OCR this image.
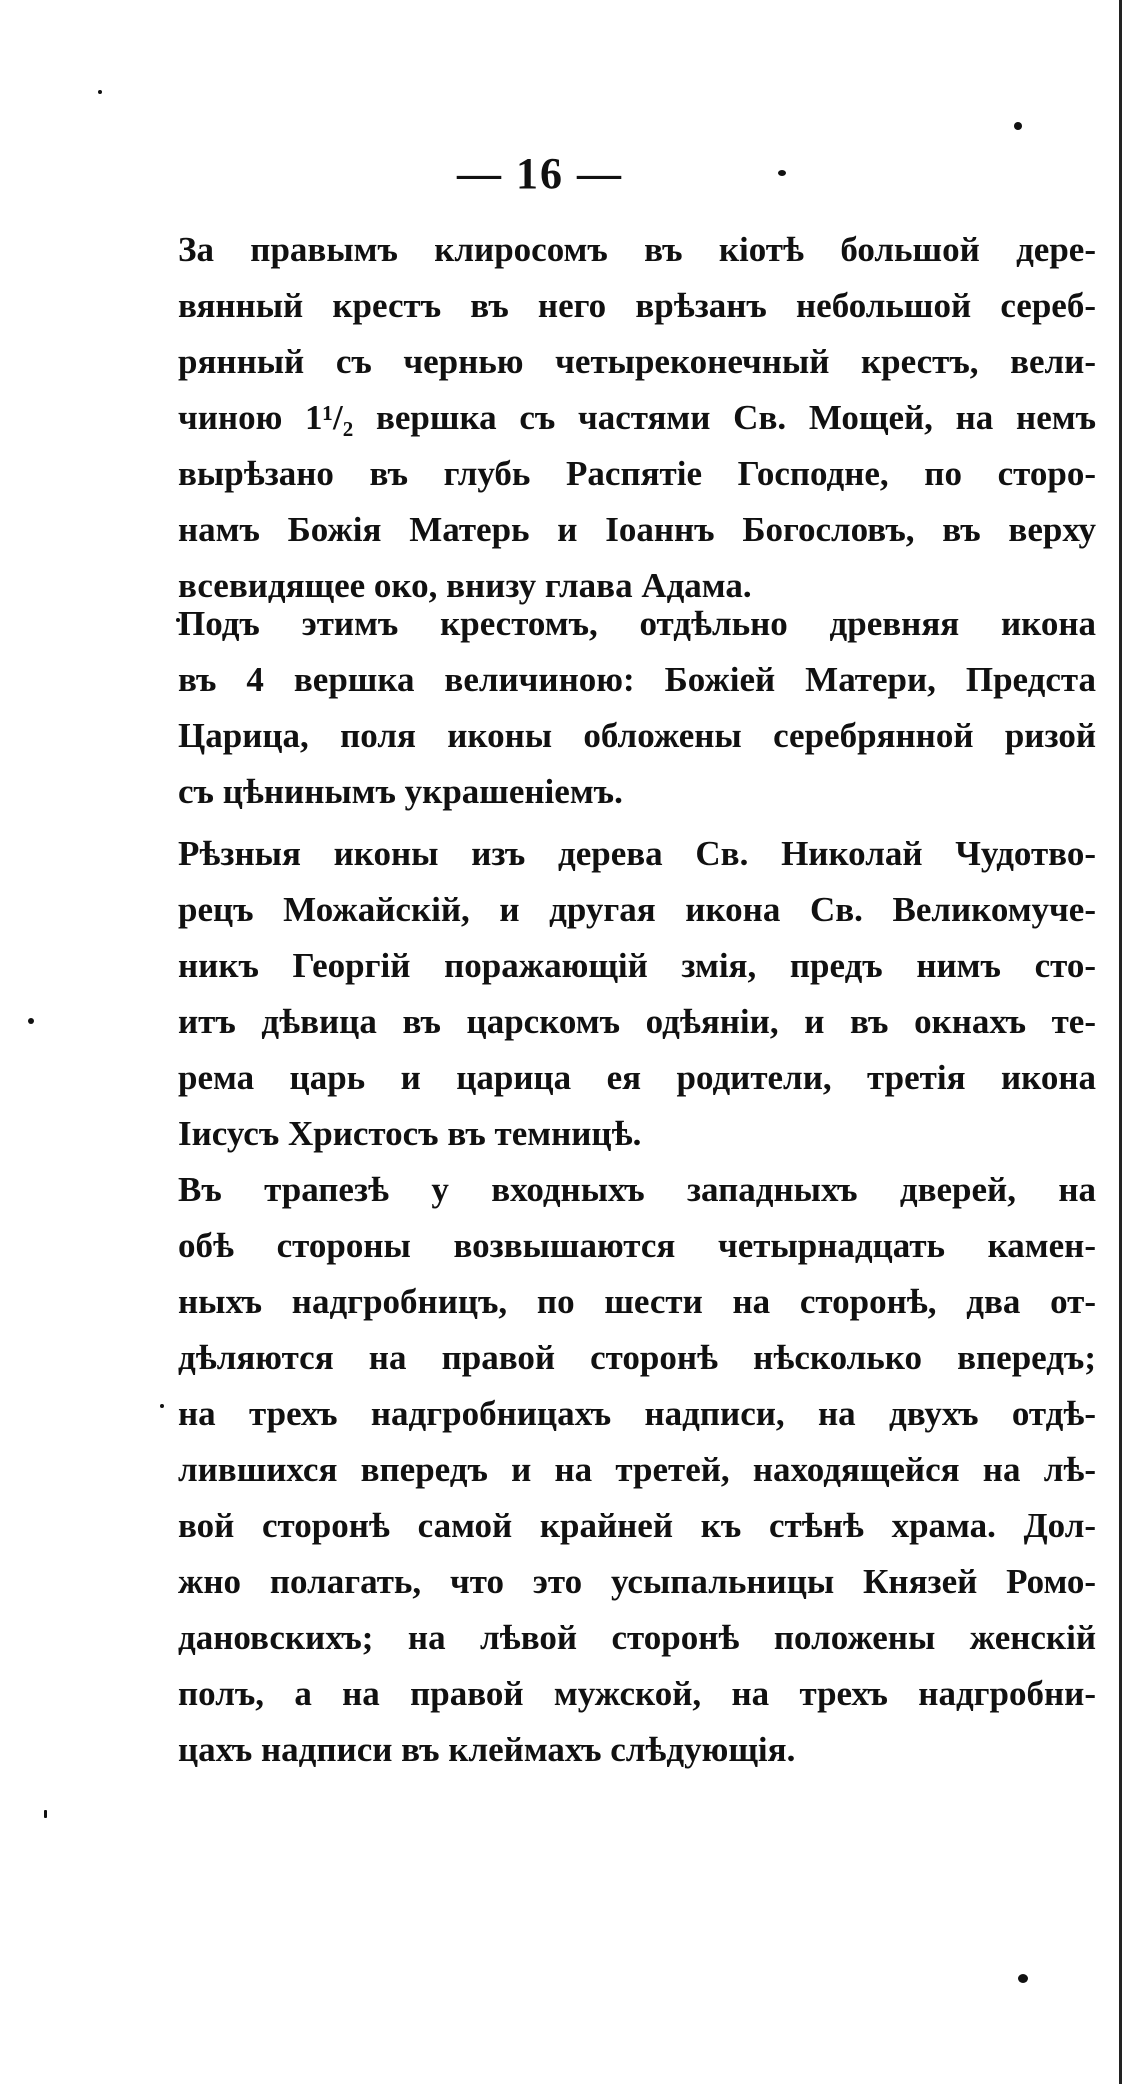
— 16 —
За правымъ клиросомъ въ кіотѣ большой дере-
вянный крестъ въ него врѣзанъ небольшой сереб-
рянный съ чернью четыреконечный крестъ, вели-
чиною 1¹/₂ вершка съ частями Св. Мощей, на немъ
вырѣзано въ глубь Распятіе Господне, по сторо-
намъ Божія Матерь и Іоаннъ Богословъ, въ верху
всевидящее око, внизу глава Адама.
Подъ этимъ крестомъ, отдѣльно древняя икона
въ 4 вершка величиною: Божіей Матери, Предста
Царица, поля иконы обложены серебрянной ризой
съ цѣнинымъ украшеніемъ.
Рѣзныя иконы изъ дерева Св. Николай Чудотво-
рецъ Можайскій, и другая икона Св. Великомуче-
никъ Георгій поражающій змія, предъ нимъ сто-
итъ дѣвица въ царскомъ одѣяніи, и въ окнахъ те-
рема царь и царица ея родители, третія икона
Іисусъ Христосъ въ темницѣ.
Въ трапезѣ у входныхъ западныхъ дверей, на
обѣ стороны возвышаются четырнадцать камен-
ныхъ надгробницъ, по шести на сторонѣ, два от-
дѣляются на правой сторонѣ нѣсколько впередъ;
на трехъ надгробницахъ надписи, на двухъ отдѣ-
лившихся впередъ и на третей, находящейся на лѣ-
вой сторонѣ самой крайней къ стѣнѣ храма. Дол-
жно полагать, что это усыпальницы Князей Ромо-
дановскихъ; на лѣвой сторонѣ положены женскій
полъ, а на правой мужской, на трехъ надгробни-
цахъ надписи въ клеймахъ слѣдующія.
